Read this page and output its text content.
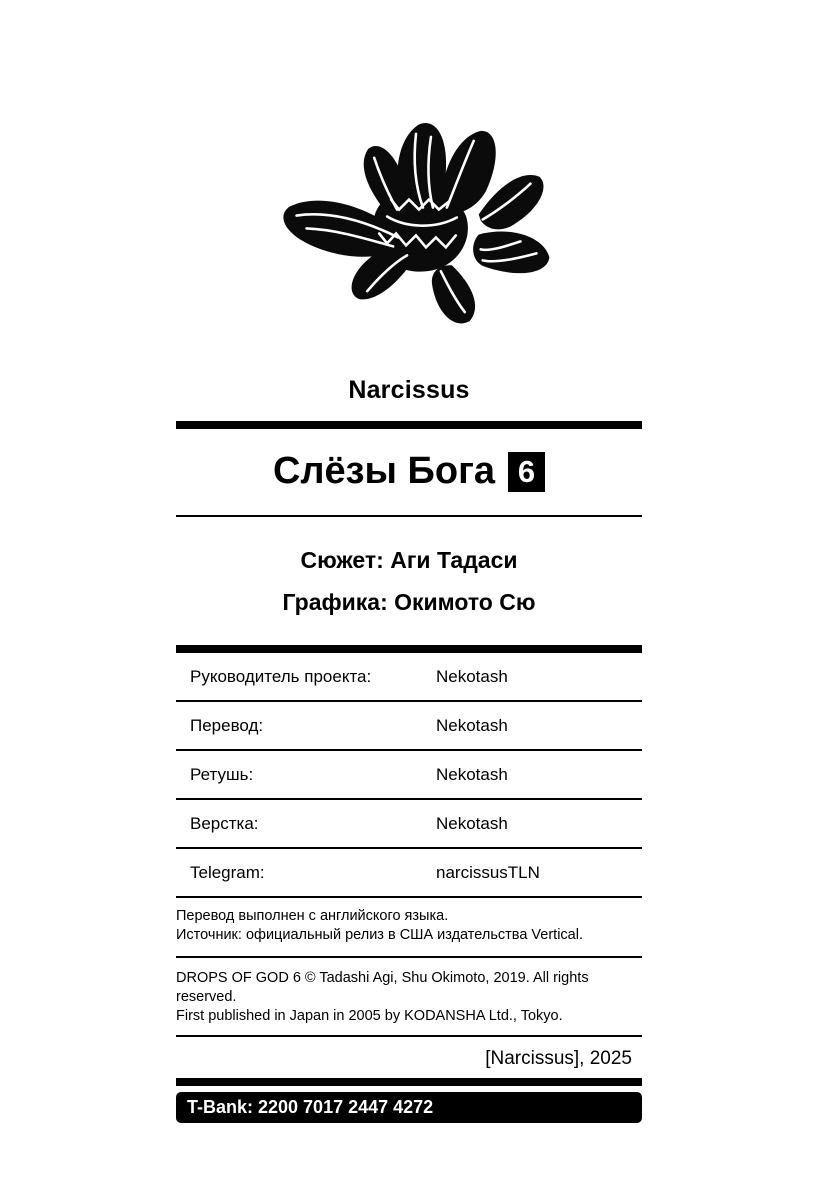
Narcissus
Слёзы Бога 6
Сюжет: Аги Тадаси
Графика: Окимото Сю
Руководитель проекта:	Nekotash
Перевод:	Nekotash
Ретушь:	Nekotash
Верстка:	Nekotash
Telegram:	narcissusTLN
Перевод выполнен с английского языка.
Источник: официальный релиз в США издательства Vertical.
DROPS OF GOD 6 © Tadashi Agi, Shu Okimoto, 2019. All rights reserved.
First published in Japan in 2005 by KODANSHA Ltd., Tokyo.
[Narcissus], 2025
T-Bank: 2200 7017 2447 4272
